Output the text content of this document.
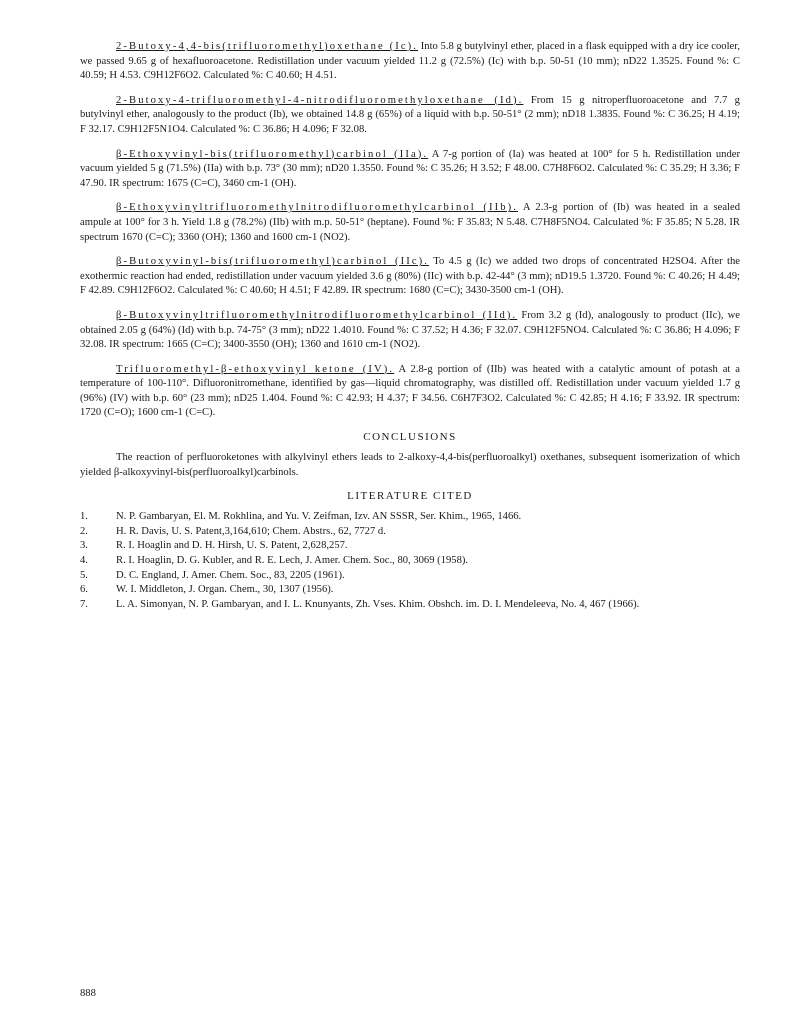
2-Butoxy-4,4-bis(trifluoromethyl)oxethane (Ic). Into 5.8 g butylvinyl ether, placed in a flask equipped with a dry ice cooler, we passed 9.65 g of hexafluoroacetone. Redistillation under vacuum yielded 11.2 g (72.5%) (Ic) with b.p. 50-51 (10 mm); nD22 1.3525. Found %: C 40.59; H 4.53. C9H12F6O2. Calculated %: C 40.60; H 4.51.

2-Butoxy-4-trifluoromethyl-4-nitrodifluoromethyloxethane (Id). From 15 g nitroperfluoroacetone and 7.7 g butylvinyl ether, analogously to the product (Ib), we obtained 14.8 g (65%) of a liquid with b.p. 50-51° (2 mm); nD18 1.3835. Found %: C 36.25; H 4.19; F 32.17. C9H12F5N1O4. Calculated %: C 36.86; H 4.096; F 32.08.

β-Ethoxyvinyl-bis(trifluoromethyl)carbinol (IIa). A 7-g portion of (Ia) was heated at 100° for 5 h. Redistillation under vacuum yielded 5 g (71.5%) (IIa) with b.p. 73° (30 mm); nD20 1.3550. Found %: C 35.26; H 3.52; F 48.00. C7H8F6O2. Calculated %: C 35.29; H 3.36; F 47.90. IR spectrum: 1675 (C=C), 3460 cm-1 (OH).

β-Ethoxyvinyltrifluoromethylnitrodifluoromethylcarbinol (IIb). A 2.3-g portion of (Ib) was heated in a sealed ampule at 100° for 3 h. Yield 1.8 g (78.2%) (IIb) with m.p. 50-51° (heptane). Found %: F 35.83; N 5.48. C7H8F5NO4. Calculated %: F 35.85; N 5.28. IR spectrum 1670 (C=C); 3360 (OH); 1360 and 1600 cm-1 (NO2).

β-Butoxyvinyl-bis(trifluoromethyl)carbinol (IIc). To 4.5 g (Ic) we added two drops of concentrated H2SO4. After the exothermic reaction had ended, redistillation under vacuum yielded 3.6 g (80%) (IIc) with b.p. 42-44° (3 mm); nD19.5 1.3720. Found %: C 40.26; H 4.49; F 42.89. C9H12F6O2. Calculated %: C 40.60; H 4.51; F 42.89. IR spectrum: 1680 (C=C); 3430-3500 cm-1 (OH).

β-Butoxyvinyltrifluoromethylnitrodifluoromethylcarbinol (IId). From 3.2 g (Id), analogously to product (IIc), we obtained 2.05 g (64%) (Id) with b.p. 74-75° (3 mm); nD22 1.4010. Found %: C 37.52; H 4.36; F 32.07. C9H12F5NO4. Calculated %: C 36.86; H 4.096; F 32.08. IR spectrum: 1665 (C=C); 3400-3550 (OH); 1360 and 1610 cm-1 (NO2).

Trifluoromethyl-β-ethoxyvinyl ketone (IV). A 2.8-g portion of (IIb) was heated with a catalytic amount of potash at a temperature of 100-110°. Difluoronitromethane, identified by gas—liquid chromatography, was distilled off. Redistillation under vacuum yielded 1.7 g (96%) (IV) with b.p. 60° (23 mm); nD25 1.404. Found %: C 42.93; H 4.37; F 34.56. C6H7F3O2. Calculated %: C 42.85; H 4.16; F 33.92. IR spectrum: 1720 (C=O); 1600 cm-1 (C=C).

CONCLUSIONS

The reaction of perfluoroketones with alkylvinyl ethers leads to 2-alkoxy-4,4-bis(perfluoroalkyl) oxethanes, subsequent isomerization of which yielded β-alkoxyvinyl-bis(perfluoroalkyl)carbinols.

LITERATURE CITED
1.	N. P. Gambaryan, El. M. Rokhlina, and Yu. V. Zeifman, Izv. AN SSSR, Ser. Khim., 1965, 1466.
2.	H. R. Davis, U. S. Patent,3,164,610; Chem. Abstrs., 62, 7727 d.
3.	R. I. Hoaglin and D. H. Hirsh, U. S. Patent, 2,628,257.
4.	R. I. Hoaglin, D. G. Kubler, and R. E. Lech, J. Amer. Chem. Soc., 80, 3069 (1958).
5.	D. C. England, J. Amer. Chem. Soc., 83, 2205 (1961).
6.	W. I. Middleton, J. Organ. Chem., 30, 1307 (1956).
7.	L. A. Simonyan, N. P. Gambaryan, and I. L. Knunyants, Zh. Vses. Khim. Obshch. im. D. I. Mendeleeva, No. 4, 467 (1966).
888
